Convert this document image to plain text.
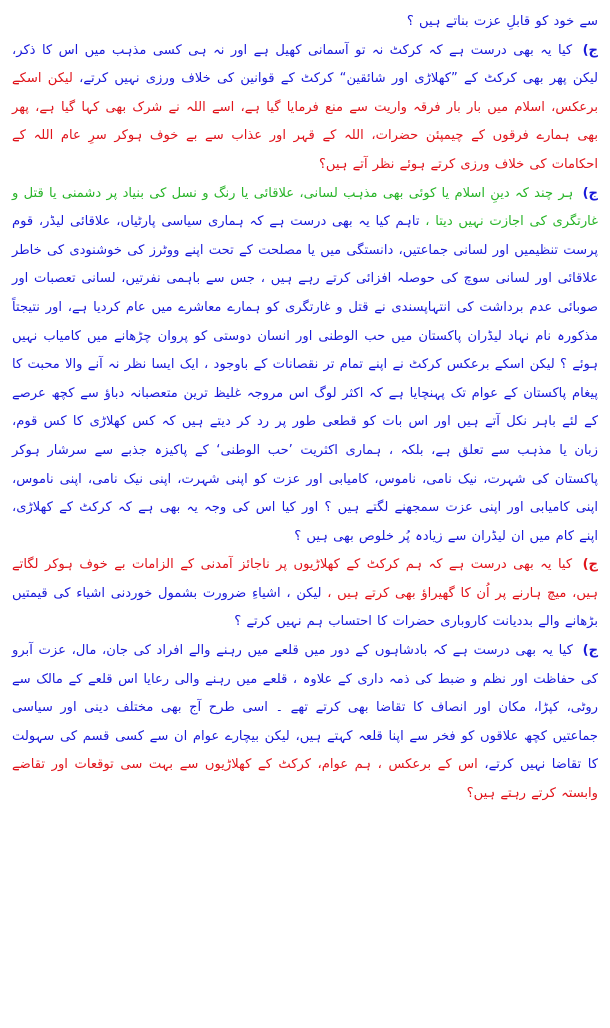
سے خود کو قابلِ عزت بناتے ہیں ؟

ج) کیا یہ بھی درست ہے کہ کرکٹ نہ تو آسمانی کھیل ہے اور نہ ہی کسی مذہب میں اس کا ذکر، لیکن پھر بھی کرکٹ کے ”کھلاڑی اور شائقین“ کرکٹ کے قوانین کی خلاف ورزی نہیں کرتے، لیکن اسکے برعکس، اسلام میں بار بار فرقہ واریت سے منع فرمایا گیا ہے، اسے اللہ نے شرک بھی کہا گیا ہے، پھر بھی ہمارے فرقوں کے چیمپئن حضرات، اللہ کے قہر اور عذاب سے بے خوف ہوکر سرِ عام اللہ کے احکامات کی خلاف ورزی کرتے ہوئے نظر آتے ہیں؟

ج) ہر چند کہ دینِ اسلام یا کوئی بھی مذہب لسانی، علاقائی یا رنگ و نسل کی بنیاد پر دشمنی یا قتل و غارتگری کی اجازت نہیں دیتا ، تاہم کیا یہ بھی درست ہے کہ ہماری سیاسی پارٹیاں، علاقائی لیڈر، قوم پرست تنظیمیں اور لسانی جماعتیں، دانستگی میں یا مصلحت کے تحت اپنے ووٹرز کی خوشنودی کی خاطر علاقائی اور لسانی سوچ کی حوصلہ افزائی کرتے رہے ہیں ، جس سے باہمی نفرتیں، لسانی تعصبات اور صوبائی عدم برداشت کی انتہاپسندی نے قتل و غارتگری کو ہمارے معاشرے میں عام کردیا ہے، اور نتیجتاً مذکورہ نام نہاد لیڈران پاکستان میں حب الوطنی اور انسان دوستی کو پروان چڑھانے میں کامیاب نہیں ہوئے ؟ لیکن اسکے برعکس کرکٹ نے اپنے تمام تر نقصانات کے باوجود ، ایک ایسا نظر نہ آنے والا محبت کا پیغام پاکستان کے عوام تک پہنچایا ہے کہ اکثر لوگ اس مروجہ غلیظ ترین متعصبانہ دباؤ سے کچھ عرصے کے لئے باہر نکل آتے ہیں اور اس بات کو قطعی طور پر رد کر دیتے ہیں کہ کس کھلاڑی کا کس قوم، زبان یا مذہب سے تعلق ہے، بلکہ ، ہماری اکثریت ’حب الوطنی‘ کے پاکیزہ جذبے سے سرشار ہوکر پاکستان کی شہرت، نیک نامی، ناموس، کامیابی اور عزت کو اپنی شہرت، اپنی نیک نامی، اپنی ناموس، اپنی کامیابی اور اپنی عزت سمجھنے لگتے ہیں ؟ اور کیا اس کی وجہ یہ بھی ہے کہ کرکٹ کے کھلاڑی، اپنے کام میں ان لیڈران سے زیادہ پُر خلوص بھی ہیں ؟

ج) کیا یہ بھی درست ہے کہ ہم کرکٹ کے کھلاڑیوں پر ناجائز آمدنی کے الزامات بے خوف ہوکر لگاتے ہیں، میچ ہارنے پر اُن کا گھیراؤ بھی کرتے ہیں ، لیکن ، اشیاءِ ضرورت بشمول خوردنی اشیاء کی قیمتیں بڑھانے والے بددیانت کاروباری حضرات کا احتساب ہم نہیں کرتے ؟

ج) کیا یہ بھی درست ہے کہ بادشاہوں کے دور میں قلعے میں رہنے والے افراد کی جان، مال، عزت آبرو کی حفاظت اور نظم و ضبط کی ذمہ داری کے علاوہ ، قلعے میں رہنے والی رعایا اس قلعے کے مالک سے روٹی، کپڑا، مکان اور انصاف کا تقاضا بھی کرتے تھے ۔ اسی طرح آج بھی مختلف دینی اور سیاسی جماعتیں کچھ علاقوں کو فخر سے اپنا قلعہ کہتے ہیں، لیکن بیچارے عوام ان سے کسی قسم کی سہولت کا تقاضا نہیں کرتے، اس کے برعکس ، ہم عوام، کرکٹ کے کھلاڑیوں سے بہت سی توقعات اور تقاضے وابستہ کرتے رہتے ہیں؟
